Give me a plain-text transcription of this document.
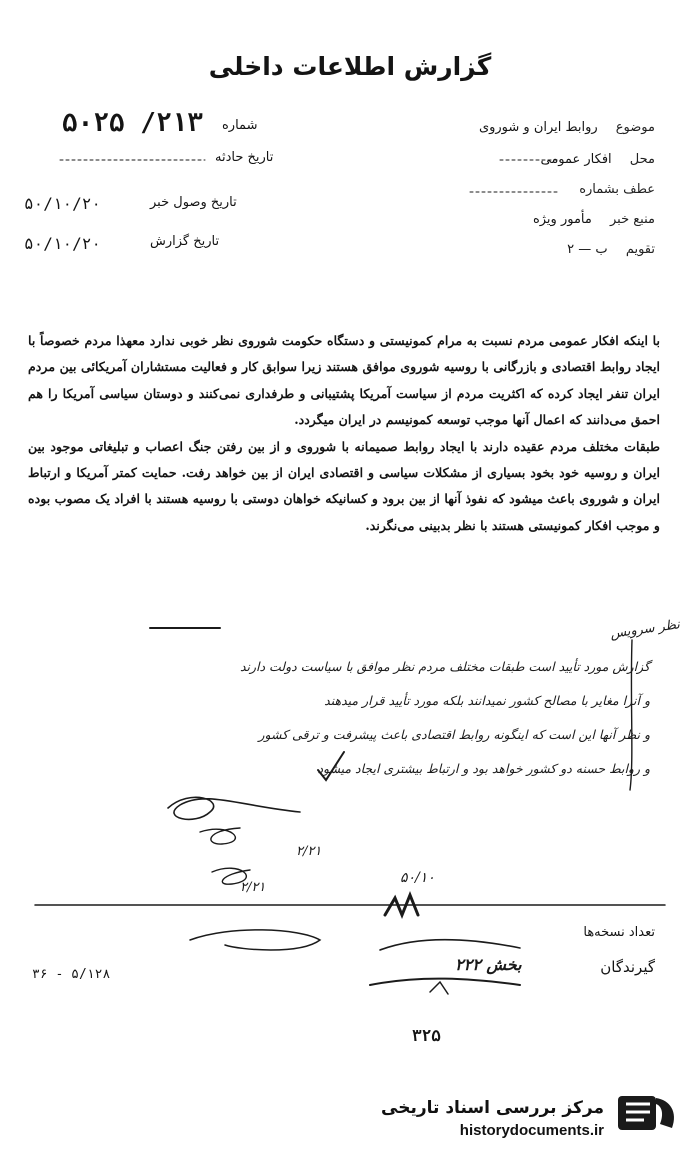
گزارش اطلاعات داخلی
موضوع روابط ایران و شوروی
محل افکار عمومی
عطف بشماره
منبع خبر مأمور ویژه
تقویم ب — ۲
شماره
۲۱۳/ ۵۰۲۵
تاریخ حادثه
تاریخ وصول خبر
۵۰/۱۰/۲۰
تاریخ گزارش
۵۰/۱۰/۲۰

با اینکه افکار عمومی مردم نسبت به مرام کمونیستی و دستگاه حکومت شوروی نظر خوبی ندارد معهذا مردم خصوصاً با ایجاد روابط اقتصادی و بازرگانی با روسیه شوروی موافق هستند زیرا سوابق کار و فعالیت مستشاران آمریکائی بین مردم ایران تنفر ایجاد کرده که اکثریت مردم از سیاست آمریکا پشتیبانی و طرفداری نمی‌کنند و دوستان سیاسی آمریکا را هم احمق می‌دانند که اعمال آنها موجب توسعه کمونیسم در ایران میگردد.

طبقات مختلف مردم عقیده دارند با ایجاد روابط صمیمانه با شوروی و از بین رفتن جنگ اعصاب و تبلیغاتی موجود بین ایران و روسیه خود بخود بسیاری از مشکلات سیاسی و اقتصادی ایران از بین خواهد رفت. حمایت کمتر آمریکا و ارتباط ایران و شوروی باعث میشود که نفوذ آنها از بین برود و کسانیکه خواهان دوستی با روسیه هستند با افراد یک مصوب بوده و موجب افکار کمونیستی هستند با نظر بدبینی می‌نگرند.

نظر سرویس

گزارش مورد تأیید است طبقات مختلف مردم نظر موافق با سیاست دولت دارند

و آنرا مغایر با مصالح کشور نمیدانند بلکه مورد تأیید قرار میدهند

و نظر آنها این است که اینگونه روابط اقتصادی باعث پیشرفت و ترقی کشور

و روابط حسنه دو کشور خواهد بود و ارتباط بیشتری ایجاد میشود

۲/۲۱
۲/۲۱
۵۰/۱۰
تعداد نسخه‌ها
گیرندگان
بخش ۲۲۲
۵/۱۲۸ - ۳۶
۳۲۵
مرکز بررسی اسناد تاریخی
historydocuments.ir
